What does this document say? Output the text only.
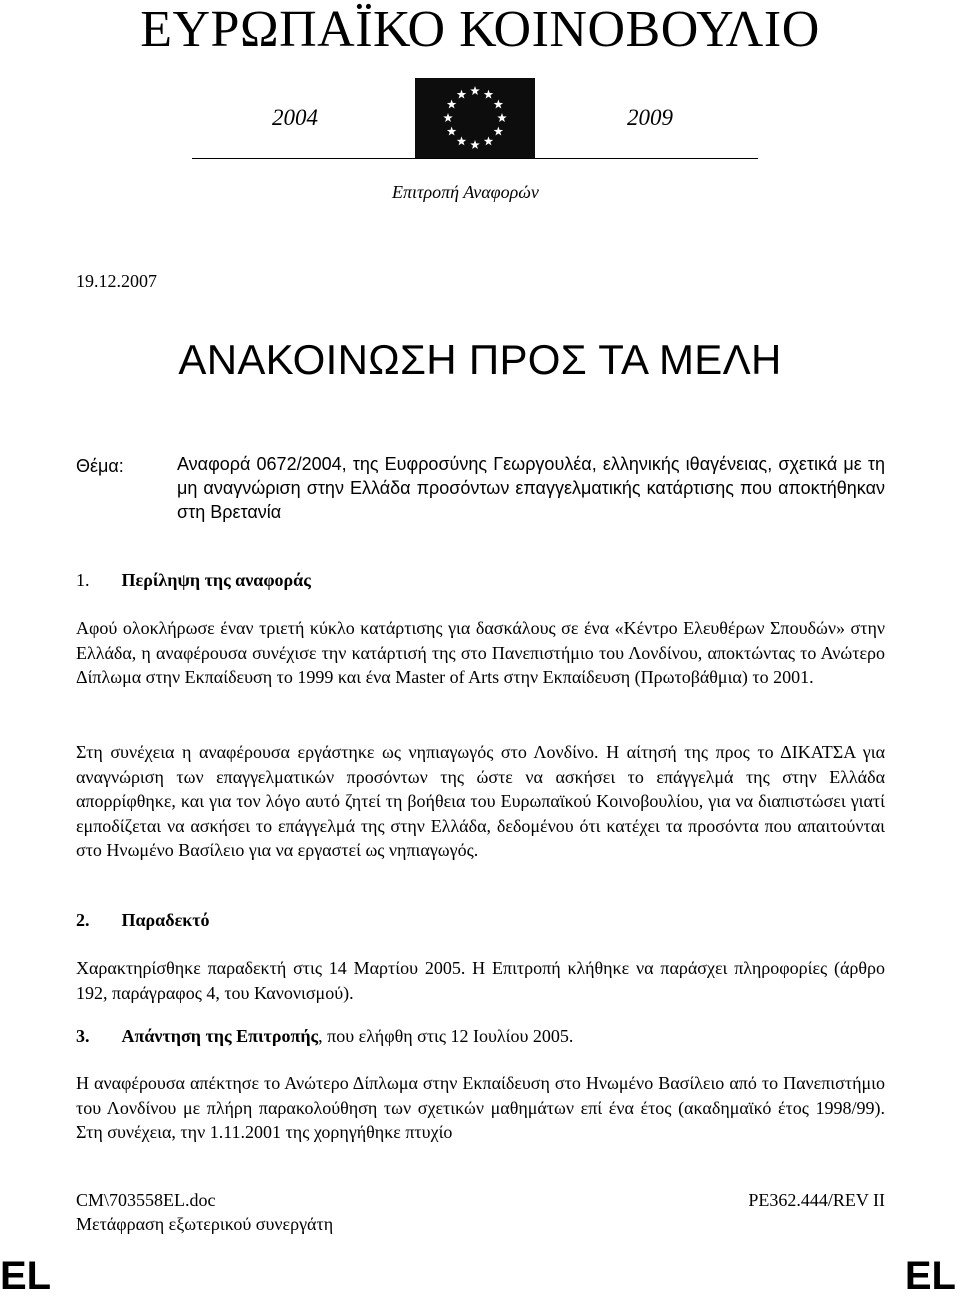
ΕΥΡΩΠΑΪΚΟ ΚΟΙΝΟΒΟΥΛΙΟ
2004	2009
Επιτροπή Αναφορών
19.12.2007
ΑΝΑΚΟΙΝΩΣΗ ΠΡΟΣ ΤΑ ΜΕΛΗ
Θέμα:	Αναφορά 0672/2004, της Ευφροσύνης Γεωργουλέα, ελληνικής ιθαγένειας, σχετικά με τη μη αναγνώριση στην Ελλάδα προσόντων επαγγελματικής κατάρτισης που αποκτήθηκαν στη Βρετανία
1. Περίληψη της αναφοράς
Αφού ολοκλήρωσε έναν τριετή κύκλο κατάρτισης για δασκάλους σε ένα «Κέντρο Ελευθέρων Σπουδών» στην Ελλάδα, η αναφέρουσα συνέχισε την κατάρτισή της στο Πανεπιστήμιο του Λονδίνου, αποκτώντας το Ανώτερο Δίπλωμα στην Εκπαίδευση το 1999 και ένα Master of Arts στην Εκπαίδευση (Πρωτοβάθμια) το 2001.
Στη συνέχεια η αναφέρουσα εργάστηκε ως νηπιαγωγός στο Λονδίνο. Η αίτησή της προς το ΔΙΚΑΤΣΑ για αναγνώριση των επαγγελματικών προσόντων της ώστε να ασκήσει το επάγγελμά της στην Ελλάδα απορρίφθηκε, και για τον λόγο αυτό ζητεί τη βοήθεια του Ευρωπαϊκού Κοινοβουλίου, για να διαπιστώσει γιατί εμποδίζεται να ασκήσει το επάγγελμά της στην Ελλάδα, δεδομένου ότι κατέχει τα προσόντα που απαιτούνται στο Ηνωμένο Βασίλειο για να εργαστεί ως νηπιαγωγός.
2. Παραδεκτό
Χαρακτηρίσθηκε παραδεκτή στις 14 Μαρτίου 2005. Η Επιτροπή κλήθηκε να παράσχει πληροφορίες (άρθρο 192, παράγραφος 4, του Κανονισμού).
3. Απάντηση της Επιτροπής, που ελήφθη στις 12 Ιουλίου 2005.
Η αναφέρουσα απέκτησε το Ανώτερο Δίπλωμα στην Εκπαίδευση στο Ηνωμένο Βασίλειο από το Πανεπιστήμιο του Λονδίνου με πλήρη παρακολούθηση των σχετικών μαθημάτων επί ένα έτος (ακαδημαϊκό έτος 1998/99). Στη συνέχεια, την 1.11.2001 της χορηγήθηκε πτυχίο
CM\703558EL.doc
Μετάφραση εξωτερικού συνεργάτη
PE362.444/REV II
EL	EL
